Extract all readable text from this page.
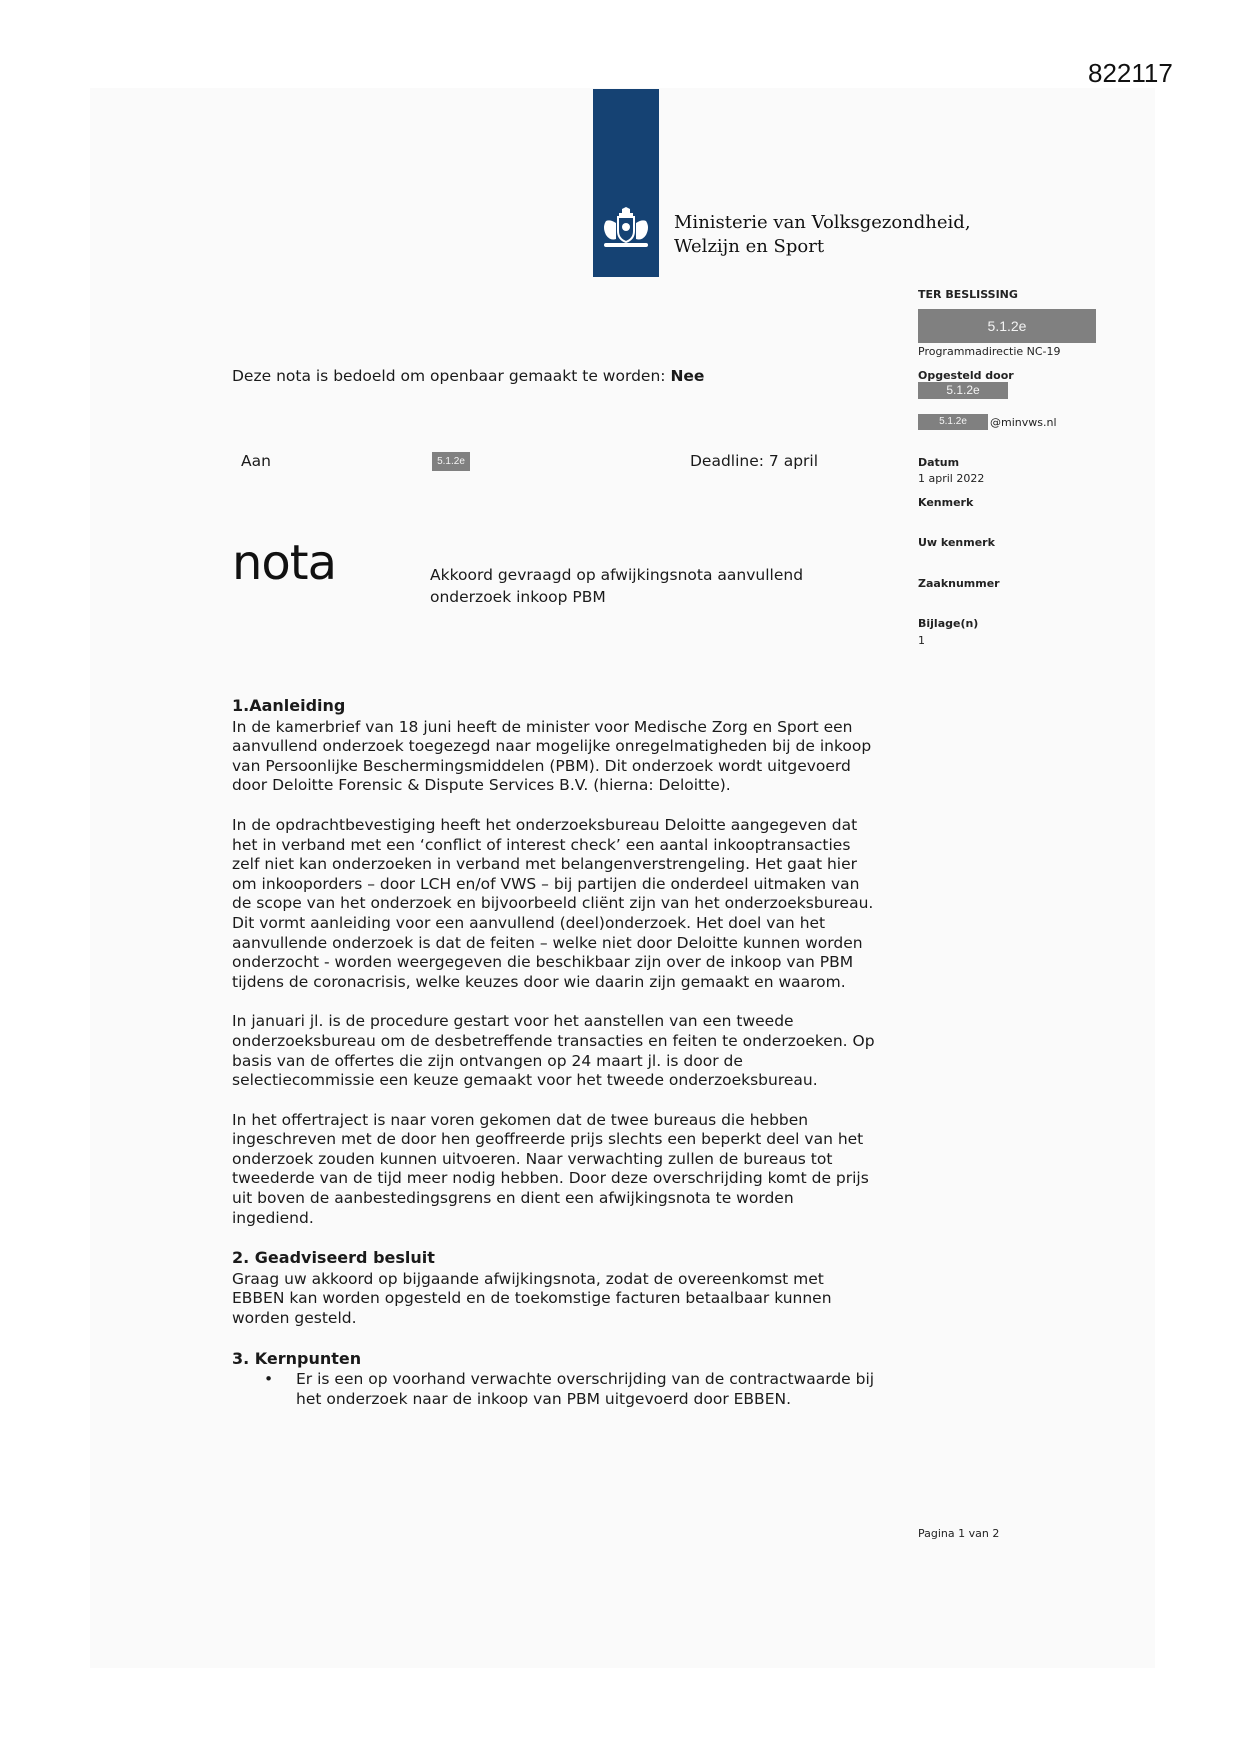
822117
Ministerie van Volksgezondheid,
Welzijn en Sport
TER BESLISSING
5.1.2e
Programmadirectie NC-19
Opgesteld door
5.1.2e
5.1.2e	@minvws.nl
Datum
1 april 2022
Kenmerk
Uw kenmerk
Zaaknummer
Bijlage(n)
1
Deze nota is bedoeld om openbaar gemaakt te worden: Nee
Aan	5.1.2e	Deadline: 7 april
nota	Akkoord gevraagd op afwijkingsnota aanvullend
onderzoek inkoop PBM

1.Aanleiding

In de kamerbrief van 18 juni heeft de minister voor Medische Zorg en Sport een
aanvullend onderzoek toegezegd naar mogelijke onregelmatigheden bij de inkoop
van Persoonlijke Beschermingsmiddelen (PBM). Dit onderzoek wordt uitgevoerd
door Deloitte Forensic & Dispute Services B.V. (hierna: Deloitte).

In de opdrachtbevestiging heeft het onderzoeksbureau Deloitte aangegeven dat
het in verband met een ‘conflict of interest check’ een aantal inkooptransacties
zelf niet kan onderzoeken in verband met belangenverstrengeling. Het gaat hier
om inkooporders – door LCH en/of VWS – bij partijen die onderdeel uitmaken van
de scope van het onderzoek en bijvoorbeeld cliënt zijn van het onderzoeksbureau.
Dit vormt aanleiding voor een aanvullend (deel)onderzoek. Het doel van het
aanvullende onderzoek is dat de feiten – welke niet door Deloitte kunnen worden
onderzocht - worden weergegeven die beschikbaar zijn over de inkoop van PBM
tijdens de coronacrisis, welke keuzes door wie daarin zijn gemaakt en waarom.

In januari jl. is de procedure gestart voor het aanstellen van een tweede
onderzoeksbureau om de desbetreffende transacties en feiten te onderzoeken. Op
basis van de offertes die zijn ontvangen op 24 maart jl. is door de
selectiecommissie een keuze gemaakt voor het tweede onderzoeksbureau.

In het offertraject is naar voren gekomen dat de twee bureaus die hebben
ingeschreven met de door hen geoffreerde prijs slechts een beperkt deel van het
onderzoek zouden kunnen uitvoeren. Naar verwachting zullen de bureaus tot
tweederde van de tijd meer nodig hebben. Door deze overschrijding komt de prijs
uit boven de aanbestedingsgrens en dient een afwijkingsnota te worden
ingediend.

2. Geadviseerd besluit

Graag uw akkoord op bijgaande afwijkingsnota, zodat de overeenkomst met
EBBEN kan worden opgesteld en de toekomstige facturen betaalbaar kunnen
worden gesteld.

3. Kernpunten

• Er is een op voorhand verwachte overschrijding van de contractwaarde bij
het onderzoek naar de inkoop van PBM uitgevoerd door EBBEN.

Pagina 1 van 2
